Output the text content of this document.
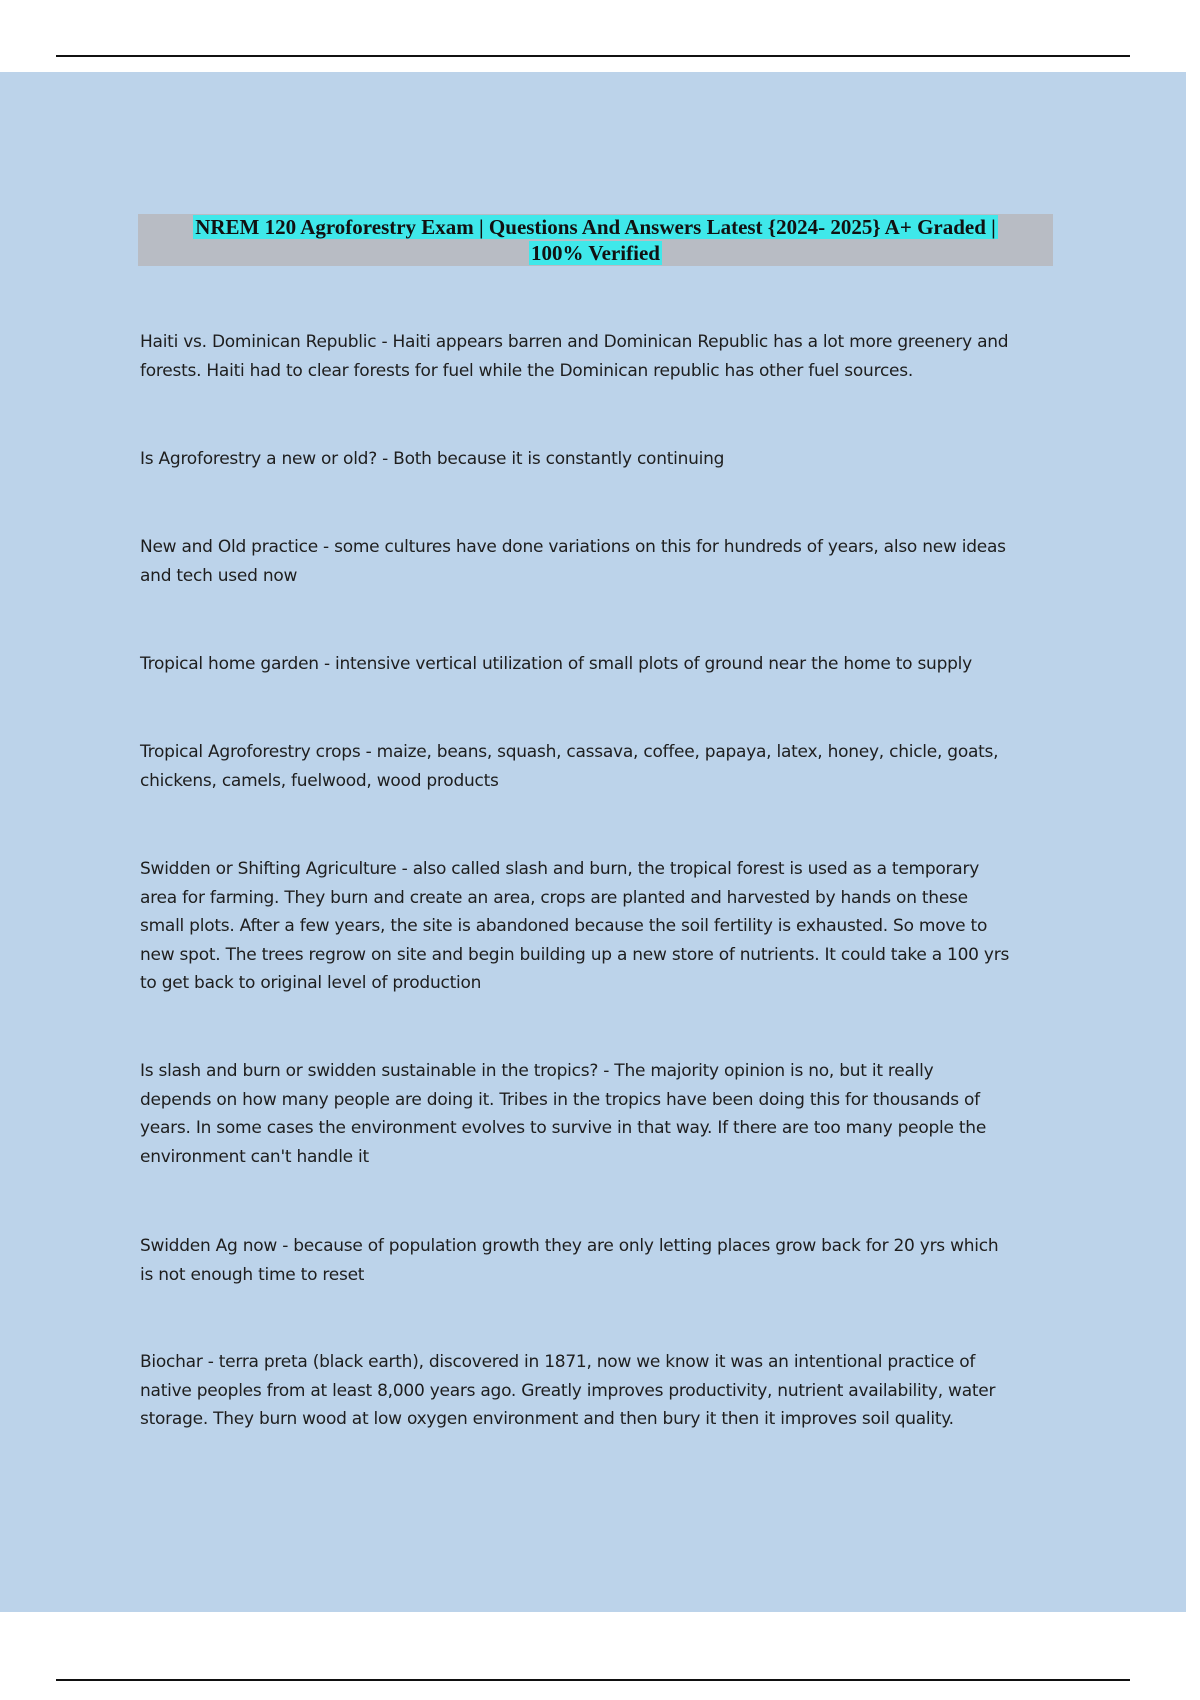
NREM 120 Agroforestry Exam | Questions And Answers Latest {2024- 2025} A+ Graded |
100% Verified

Haiti vs. Dominican Republic - Haiti appears barren and Dominican Republic has a lot more greenery and
forests. Haiti had to clear forests for fuel while the Dominican republic has other fuel sources.

Is Agroforestry a new or old? - Both because it is constantly continuing

New and Old practice - some cultures have done variations on this for hundreds of years, also new ideas
and tech used now

Tropical home garden - intensive vertical utilization of small plots of ground near the home to supply

Tropical Agroforestry crops - maize, beans, squash, cassava, coffee, papaya, latex, honey, chicle, goats,
chickens, camels, fuelwood, wood products

Swidden or Shifting Agriculture - also called slash and burn, the tropical forest is used as a temporary
area for farming. They burn and create an area, crops are planted and harvested by hands on these
small plots. After a few years, the site is abandoned because the soil fertility is exhausted. So move to
new spot. The trees regrow on site and begin building up a new store of nutrients. It could take a 100 yrs
to get back to original level of production

Is slash and burn or swidden sustainable in the tropics? - The majority opinion is no, but it really
depends on how many people are doing it. Tribes in the tropics have been doing this for thousands of
years. In some cases the environment evolves to survive in that way. If there are too many people the
environment can't handle it

Swidden Ag now - because of population growth they are only letting places grow back for 20 yrs which
is not enough time to reset

Biochar - terra preta (black earth), discovered in 1871, now we know it was an intentional practice of
native peoples from at least 8,000 years ago. Greatly improves productivity, nutrient availability, water
storage. They burn wood at low oxygen environment and then bury it then it improves soil quality.
